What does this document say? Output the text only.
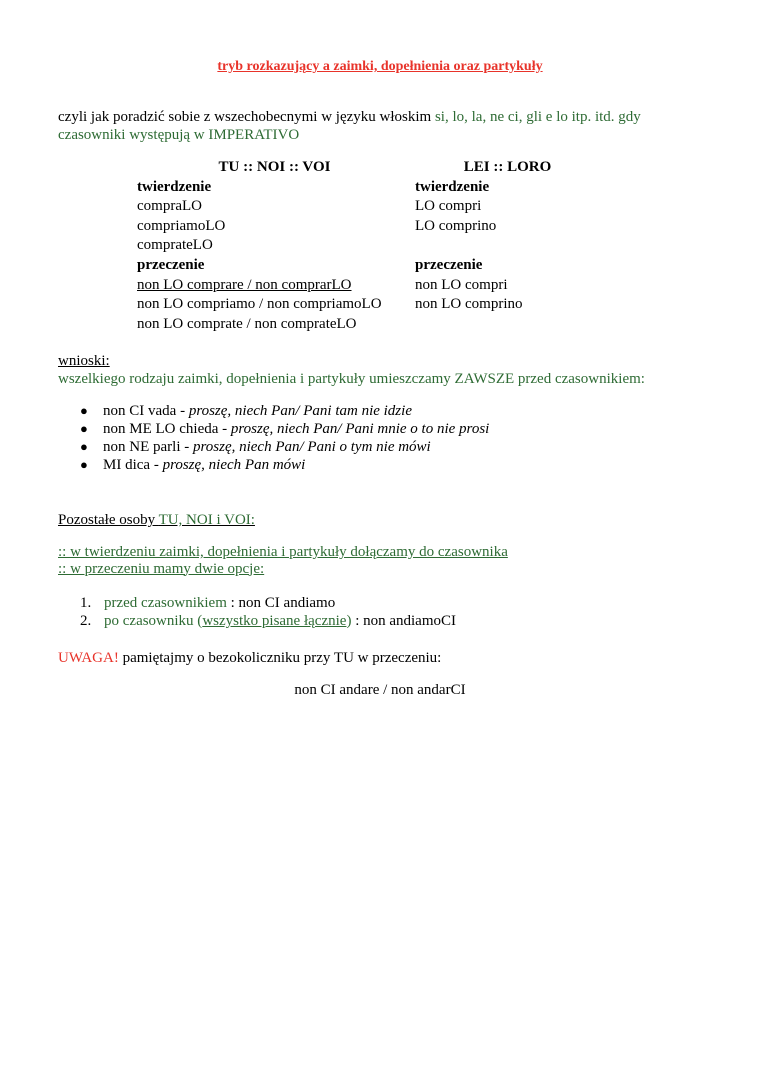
tryb rozkazujący a zaimki, dopełnienia oraz partykuły
czyli jak poradzić sobie z wszechobecnymi w języku włoskim si, lo, la, ne ci, gli e lo itp. itd. gdy czasowniki występują w IMPERATIVO
TU :: NOI :: VOI
twierdzenie
compraLO
compriamoLO
comprateLO
przeczenie
non LO comprare / non comprarLO
non LO compriamo / non compriamoLO
non LO comprate / non comprateLO
LEI :: LORO
twierdzenie
LO compri
LO comprino

przeczenie
non LO compri
non LO comprino
wnioski:
wszelkiego rodzaju zaimki, dopełnienia i partykuły umieszczamy ZAWSZE przed czasownikiem:
● non CI vada - proszę, niech Pan/ Pani tam nie idzie
● non ME LO chieda - proszę, niech Pan/ Pani mnie o to nie prosi
● non NE parli - proszę, niech Pan/ Pani o tym nie mówi
● MI dica - proszę, niech Pan mówi
Pozostałe osoby TU, NOI i VOI:
:: w twierdzeniu zaimki, dopełnienia i partykuły dołączamy do czasownika
:: w przeczeniu mamy dwie opcje:
1. przed czasownikiem : non CI andiamo
2. po czasowniku (wszystko pisane łącznie) : non andiamoCI
UWAGA! pamiętajmy o bezokoliczniku przy TU w przeczeniu:
non CI andare / non andarCI
